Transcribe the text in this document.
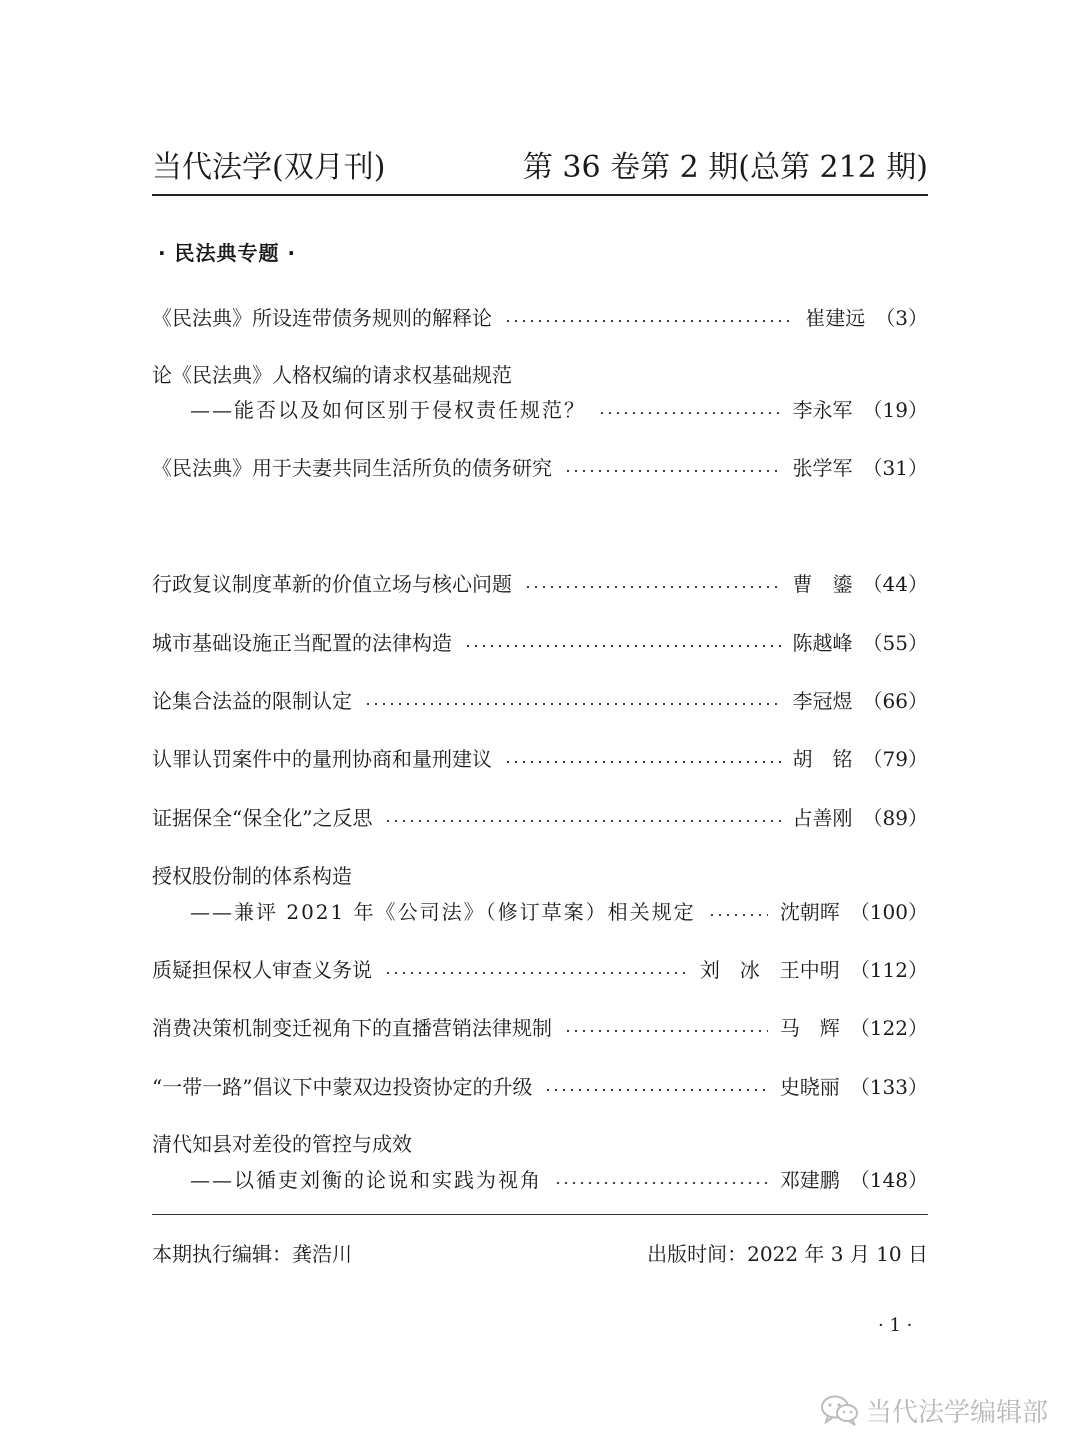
当代法学(双月刊)	第 36 卷第 2 期(总第 212 期)
· 民法典专题 ·
《民法典》所设连带债务规则的解释论	崔建远 （3）
论《民法典》人格权编的请求权基础规范
——能否以及如何区别于侵权责任规范？	李永军 （19）
《民法典》用于夫妻共同生活所负的债务研究	张学军 （31）
行政复议制度革新的价值立场与核心问题	曹　鎏 （44）
城市基础设施正当配置的法律构造	陈越峰 （55）
论集合法益的限制认定	李冠煜 （66）
认罪认罚案件中的量刑协商和量刑建议	胡　铭 （79）
证据保全“保全化”之反思	占善刚 （89）
授权股份制的体系构造
——兼评 2021 年《公司法》（修订草案）相关规定	沈朝晖 （100）
质疑担保权人审查义务说	刘　冰　王中明 （112）
消费决策机制变迁视角下的直播营销法律规制	马　辉 （122）
“一带一路”倡议下中蒙双边投资协定的升级	史晓丽 （133）
清代知县对差役的管控与成效
——以循吏刘衡的论说和实践为视角	邓建鹏 （148）
本期执行编辑：龚浩川	出版时间：2022 年 3 月 10 日
· 1 ·
当代法学编辑部
